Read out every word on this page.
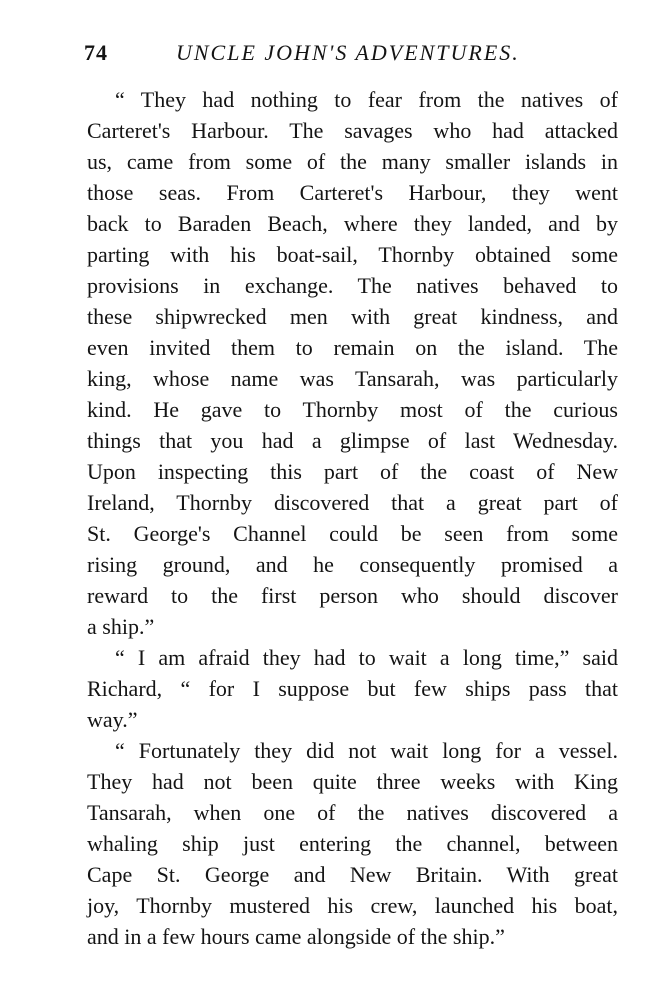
74	UNCLE JOHN'S ADVENTURES.
“ They had nothing to fear from the natives of
Carteret's Harbour. The savages who had attacked
us, came from some of the many smaller islands in
those seas. From Carteret's Harbour, they went
back to Baraden Beach, where they landed, and by
parting with his boat-sail, Thornby obtained some
provisions in exchange. The natives behaved to
these shipwrecked men with great kindness, and
even invited them to remain on the island. The
king, whose name was Tansarah, was particularly
kind. He gave to Thornby most of the curious
things that you had a glimpse of last Wednesday.
Upon inspecting this part of the coast of New
Ireland, Thornby discovered that a great part of
St. George's Channel could be seen from some
rising ground, and he consequently promised a
reward to the first person who should discover
a ship.”
“ I am afraid they had to wait a long time,” said
Richard, “ for I suppose but few ships pass that
way.”
“ Fortunately they did not wait long for a vessel.
They had not been quite three weeks with King
Tansarah, when one of the natives discovered a
whaling ship just entering the channel, between
Cape St. George and New Britain. With great
joy, Thornby mustered his crew, launched his boat,
and in a few hours came alongside of the ship.”
